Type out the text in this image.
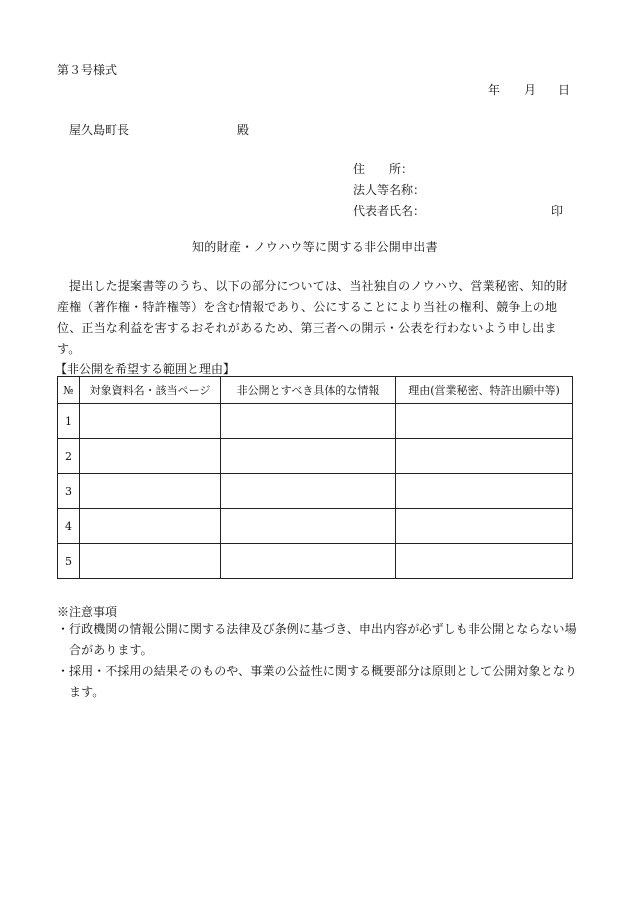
第３号様式
年 月 日
屋久島町長	殿
住　　所：
法人等名称：
代表者氏名：	印
知的財産・ノウハウ等に関する非公開申出書
提出した提案書等のうち、以下の部分については、当社独自のノウハウ、営業秘密、知的財産権（著作権・特許権等）を含む情報であり、公にすることにより当社の権利、競争上の地位、正当な利益を害するおそれがあるため、第三者への開示・公表を行わないよう申し出ます。
【非公開を希望する範囲と理由】
№	対象資料名・該当ページ	非公開とすべき具体的な情報	理由(営業秘密、特許出願中等)
1			
2			
3			
4			
5			
※注意事項
・ 行政機関の情報公開に関する法律及び条例に基づき、申出内容が必ずしも非公開とならない場合があります。
・ 採用・不採用の結果そのものや、事業の公益性に関する概要部分は原則として公開対象となります。
